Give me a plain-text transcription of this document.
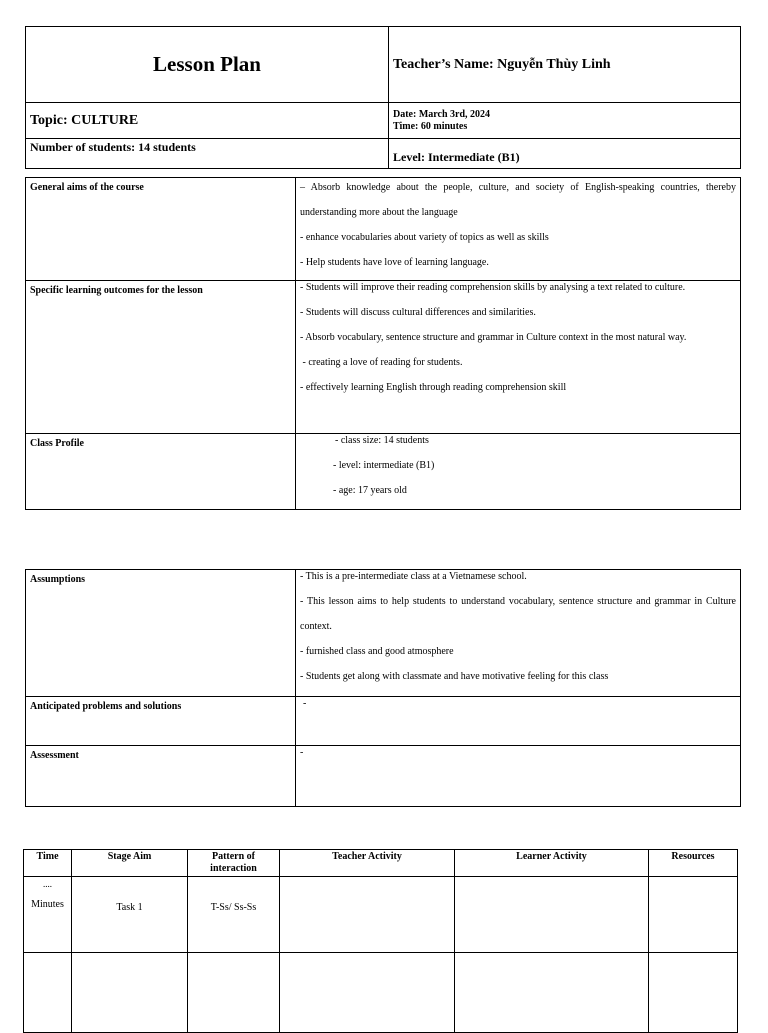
Lesson Plan	Teacher’s Name: Nguyễn Thùy Linh
Topic: CULTURE	Date: March 3rd, 2024
Time: 60 minutes

Number of students: 14 students	Level: Intermediate (B1)
General aims of the course	– Absorb knowledge about the people, culture, and society of English-speaking countries, thereby understanding more about the language

- enhance vocabularies about variety of topics as well as skills

- Help students have love of learning language.

Specific learning outcomes for the lesson	- Students will improve their reading comprehension skills by analysing a text related to culture.

- Students will discuss cultural differences and similarities.

- Absorb vocabulary, sentence structure and grammar in Culture context in the most natural way.

- creating a love of reading for students.

- effectively learning English through reading comprehension skill

Class Profile	- class size: 14 students

- level: intermediate (B1)

- age: 17 years old

Assumptions	- This is a pre-intermediate class at a Vietnamese school.

- This lesson aims to help students to understand vocabulary, sentence structure and grammar in Culture context.

- furnished class and good atmosphere

- Students get along with classmate and have motivative feeling for this class

Anticipated problems and solutions	-
Assessment	-
Time	Stage Aim	Pattern of interaction	Teacher Activity	Learner Activity	Resources

....
Minutes	Task 1	T-Ss/ Ss-Ss			
